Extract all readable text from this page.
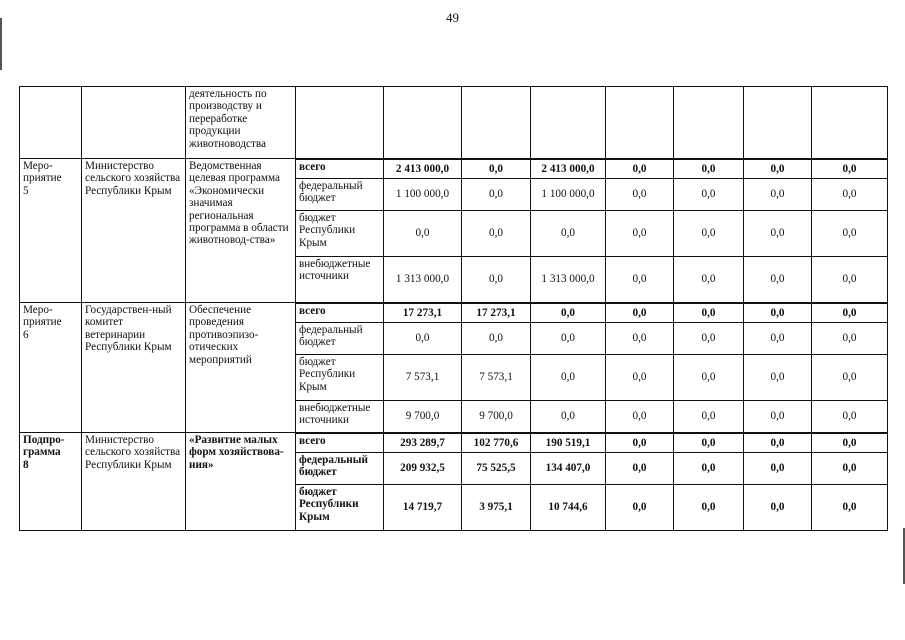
49
		деятельность по производству и переработке продукции животноводства								

Меро-
приятие
5	Министерство сельского хозяйства Республики Крым	Ведомственная целевая программа «Экономически значимая региональная программа в области животновод-ства»	всего	2 413 000,0	0,0	2 413 000,0	0,0	0,0	0,0	0,0
			федеральный бюджет	1 100 000,0	0,0	1 100 000,0	0,0	0,0	0,0	0,0
			бюджет Республики Крым	0,0	0,0	0,0	0,0	0,0	0,0	0,0
			внебюджетные источники	1 313 000,0	0,0	1 313 000,0	0,0	0,0	0,0	0,0

Меро-
приятие
6	Государствен-ный комитет ветеринарии Республики Крым	Обеспечение проведения противоэпизо-отических мероприятий	всего	17 273,1	17 273,1	0,0	0,0	0,0	0,0	0,0
			федеральный бюджет	0,0	0,0	0,0	0,0	0,0	0,0	0,0
			бюджет Республики Крым	7 573,1	7 573,1	0,0	0,0	0,0	0,0	0,0
			внебюджетные источники	9 700,0	9 700,0	0,0	0,0	0,0	0,0	0,0

Подпро-
грамма
8	Министерство сельского хозяйства Республики Крым	«Развитие малых форм хозяйствова-ния»	всего	293 289,7	102 770,6	190 519,1	0,0	0,0	0,0	0,0
			федеральный бюджет	209 932,5	75 525,5	134 407,0	0,0	0,0	0,0	0,0
			бюджет Республики Крым	14 719,7	3 975,1	10 744,6	0,0	0,0	0,0	0,0
